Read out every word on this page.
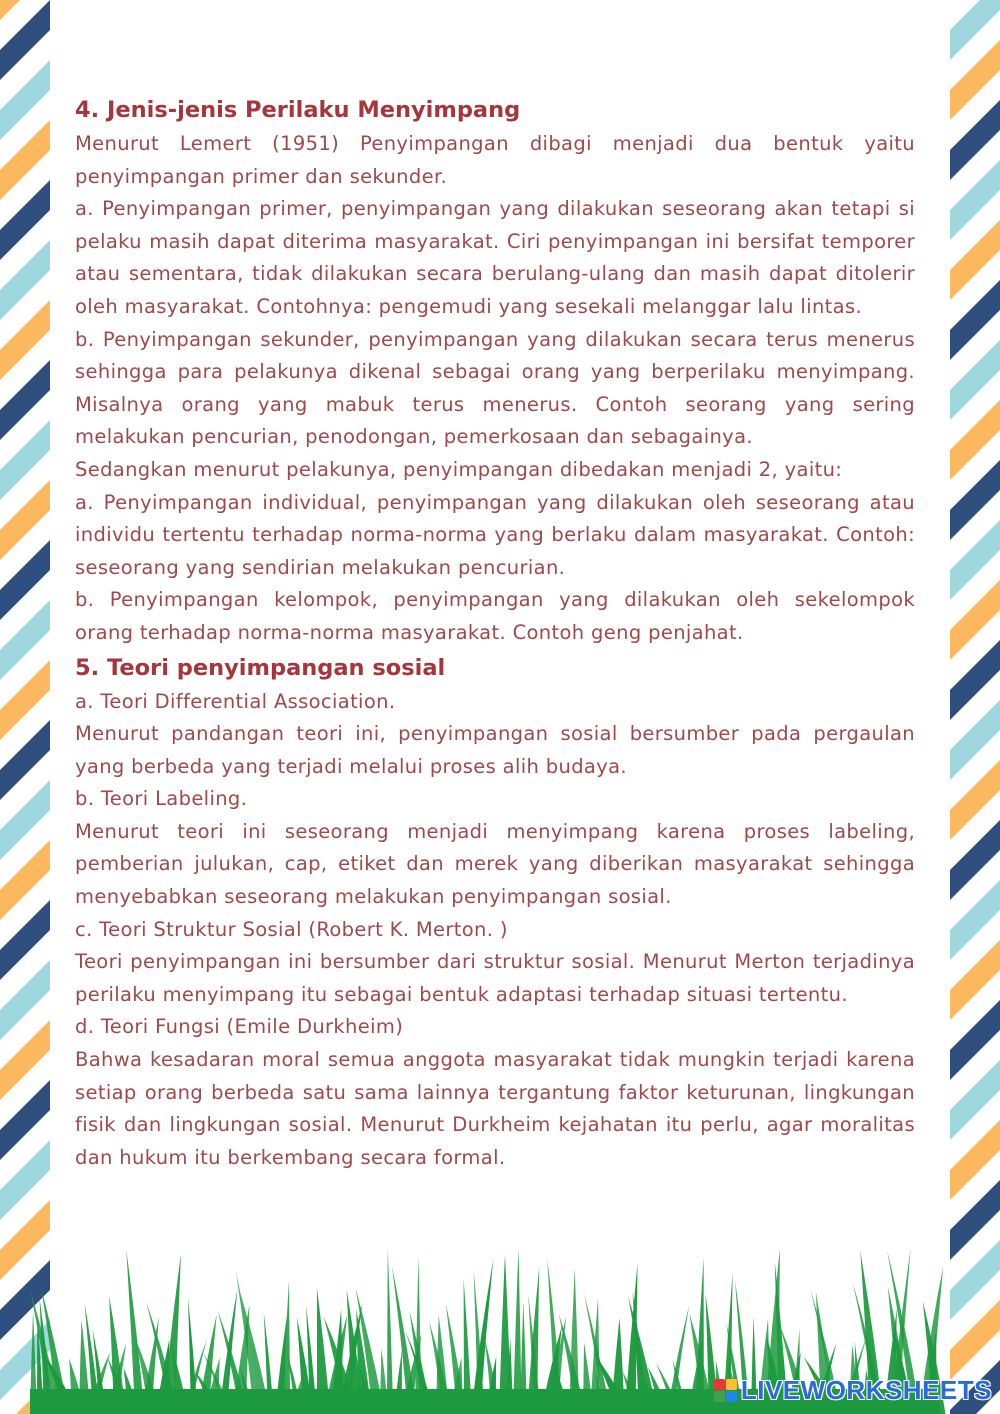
4. Jenis-jenis Perilaku Menyimpang

Menurut Lemert (1951) Penyimpangan dibagi menjadi dua bentuk yaitu penyimpangan primer dan sekunder.

a. Penyimpangan primer, penyimpangan yang dilakukan seseorang akan tetapi si pelaku masih dapat diterima masyarakat. Ciri penyimpangan ini bersifat temporer atau sementara, tidak dilakukan secara berulang-ulang dan masih dapat ditolerir oleh masyarakat. Contohnya: pengemudi yang sesekali melanggar lalu lintas.

b. Penyimpangan sekunder, penyimpangan yang dilakukan secara terus menerus sehingga para pelakunya dikenal sebagai orang yang berperilaku menyimpang. Misalnya orang yang mabuk terus menerus. Contoh seorang yang sering melakukan pencurian, penodongan, pemerkosaan dan sebagainya.

Sedangkan menurut pelakunya, penyimpangan dibedakan menjadi 2, yaitu:

a. Penyimpangan individual, penyimpangan yang dilakukan oleh seseorang atau individu tertentu terhadap norma-norma yang berlaku dalam masyarakat. Contoh: seseorang yang sendirian melakukan pencurian.

b. Penyimpangan kelompok, penyimpangan yang dilakukan oleh sekelompok orang terhadap norma-norma masyarakat. Contoh geng penjahat.

5. Teori penyimpangan sosial

a. Teori Differential Association.

Menurut pandangan teori ini, penyimpangan sosial bersumber pada pergaulan yang berbeda yang terjadi melalui proses alih budaya.

b. Teori Labeling.

Menurut teori ini seseorang menjadi menyimpang karena proses labeling, pemberian julukan, cap, etiket dan merek yang diberikan masyarakat sehingga menyebabkan seseorang melakukan penyimpangan sosial.

c. Teori Struktur Sosial (Robert K. Merton. )

Teori penyimpangan ini bersumber dari struktur sosial. Menurut Merton terjadinya perilaku menyimpang itu sebagai bentuk adaptasi terhadap situasi tertentu.

d. Teori Fungsi (Emile Durkheim)

Bahwa kesadaran moral semua anggota masyarakat tidak mungkin terjadi karena setiap orang berbeda satu sama lainnya tergantung faktor keturunan, lingkungan fisik dan lingkungan sosial. Menurut Durkheim kejahatan itu perlu, agar moralitas dan hukum itu berkembang secara formal.

LIVEWORKSHEETS
